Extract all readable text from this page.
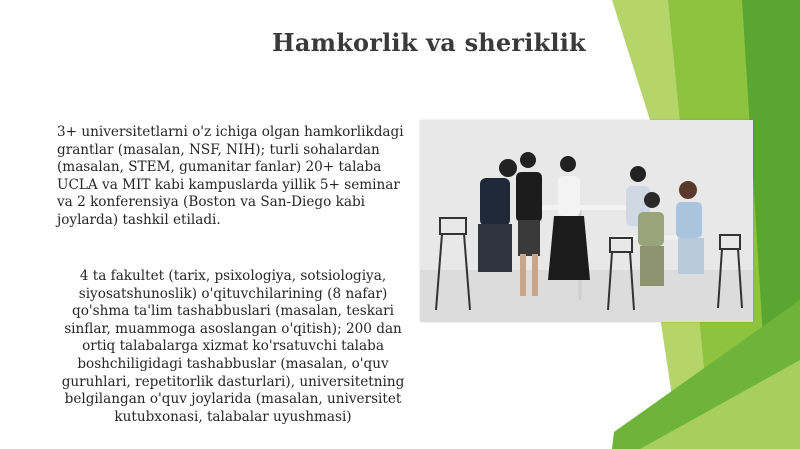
Hamkorlik va sheriklik
3+ universitetlarni o'z ichiga olgan hamkorlikdagi grantlar (masalan, NSF, NIH); turli sohalardan (masalan, STEM, gumanitar fanlar) 20+ talaba UCLA va MIT kabi kampuslarda yillik 5+ seminar va 2 konferensiya (Boston va San-Diego kabi joylarda) tashkil etiladi.
4 ta fakultet (tarix, psixologiya, sotsiologiya, siyosatshunoslik) o'qituvchilarining (8 nafar) qo'shma ta'lim tashabbuslari (masalan, teskari sinflar, muammoga asoslangan o'qitish); 200 dan ortiq talabalarga xizmat ko'rsatuvchi talaba boshchiligidagi tashabbuslar (masalan, o'quv guruhlari, repetitorlik dasturlari), universitetning belgilangan o'quv joylarida (masalan, universitet kutubxonasi, talabalar uyushmasi)
